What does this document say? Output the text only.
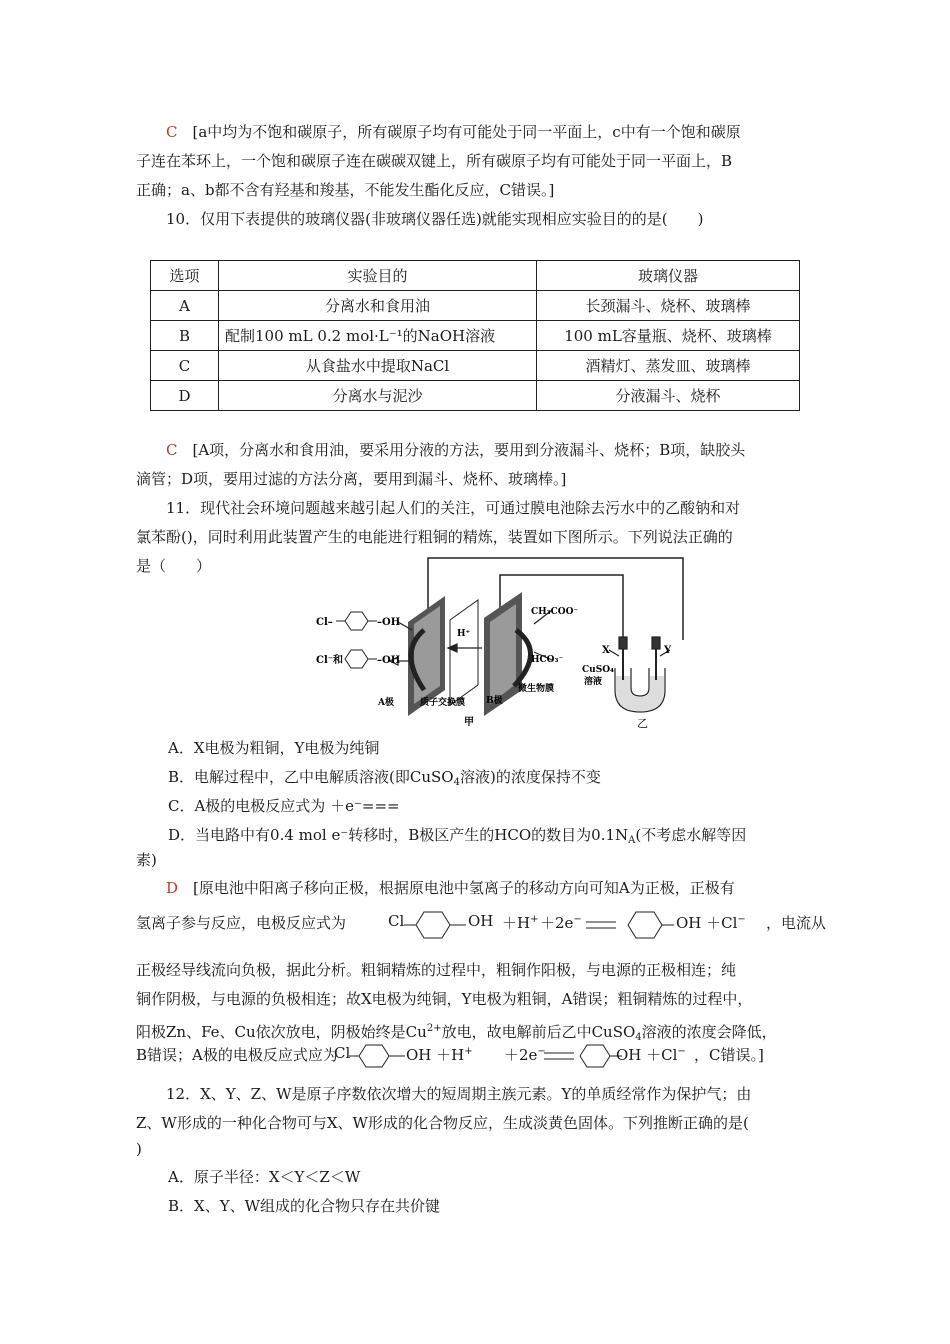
C　 [a中均为不饱和碳原子，所有碳原子均有可能处于同一平面上，c中有一个饱和碳原

子连在苯环上，一个饱和碳原子连在碳碳双键上，所有碳原子均有可能处于同一平面上，B

正确；a、b都不含有羟基和羧基，不能发生酯化反应，C错误。]

10．仅用下表提供的玻璃仪器(非玻璃仪器任选)就能实现相应实验目的的是(　　)

选项	实验目的	玻璃仪器
A	分离水和食用油	长颈漏斗、烧杯、玻璃棒
B	配制100 mL 0.2 mol·L⁻¹的NaOH溶液	100 mL容量瓶、烧杯、玻璃棒
C	从食盐水中提取NaCl	酒精灯、蒸发皿、玻璃棒
D	分离水与泥沙	分液漏斗、烧杯

C　 [A项，分离水和食用油，要采用分液的方法，要用到分液漏斗、烧杯；B项，缺胶头

滴管；D项，要用过滤的方法分离，要用到漏斗、烧杯、玻璃棒。]

11．现代社会环境问题越来越引起人们的关注，可通过膜电池除去污水中的乙酸钠和对

氯苯酚()，同时利用此装置产生的电能进行粗铜的精炼，装置如下图所示。下列说法正确的

是（　　）

Cl–	–OH
Cl⁻和	–OH
H⁺
CH₃COO⁻
HCO₃⁻
微生物膜
A极	质子交换膜 B极
甲
X	Y
CuSO₄
溶液
乙

A．X电极为粗铜，Y电极为纯铜

B．电解过程中，乙中电解质溶液(即CuSO$_4$溶液)的浓度保持不变

C．A极的电极反应式为 ＋e⁻===

D．当电路中有0.4 mol e⁻转移时，B极区产生的HCO的数目为$0.1N_A$(不考虑水解等因

素)

D　 [原电池中阳离子移向正极，根据原电池中氢离子的移动方向可知A为正极，正极有

氢离子参与反应，电极反应式为	Cl	OH ＋H+ ＋2e−	OH ＋Cl− ，电流从

正极经导线流向负极，据此分析。粗铜精炼的过程中，粗铜作阳极，与电源的正极相连；纯

铜作阴极，与电源的负极相连；故X电极为纯铜，Y电极为粗铜，A错误；粗铜精炼的过程中，

阳极Zn、Fe、Cu依次放电，阴极始终是$Cu^{2+}$放电，故电解前后乙中CuSO$_4$溶液的浓度会降低，

B错误；A极的电极反应式应为
Cl	OH ＋H+ ＋2e−	OH ＋Cl− ，C错误。]

12．X、Y、Z、W是原子序数依次增大的短周期主族元素。Y的单质经常作为保护气；由

Z、W形成的一种化合物可与X、W形成的化合物反应，生成淡黄色固体。下列推断正确的是(

)

A．原子半径：X＜Y＜Z＜W

B．X、Y、W组成的化合物只存在共价键
